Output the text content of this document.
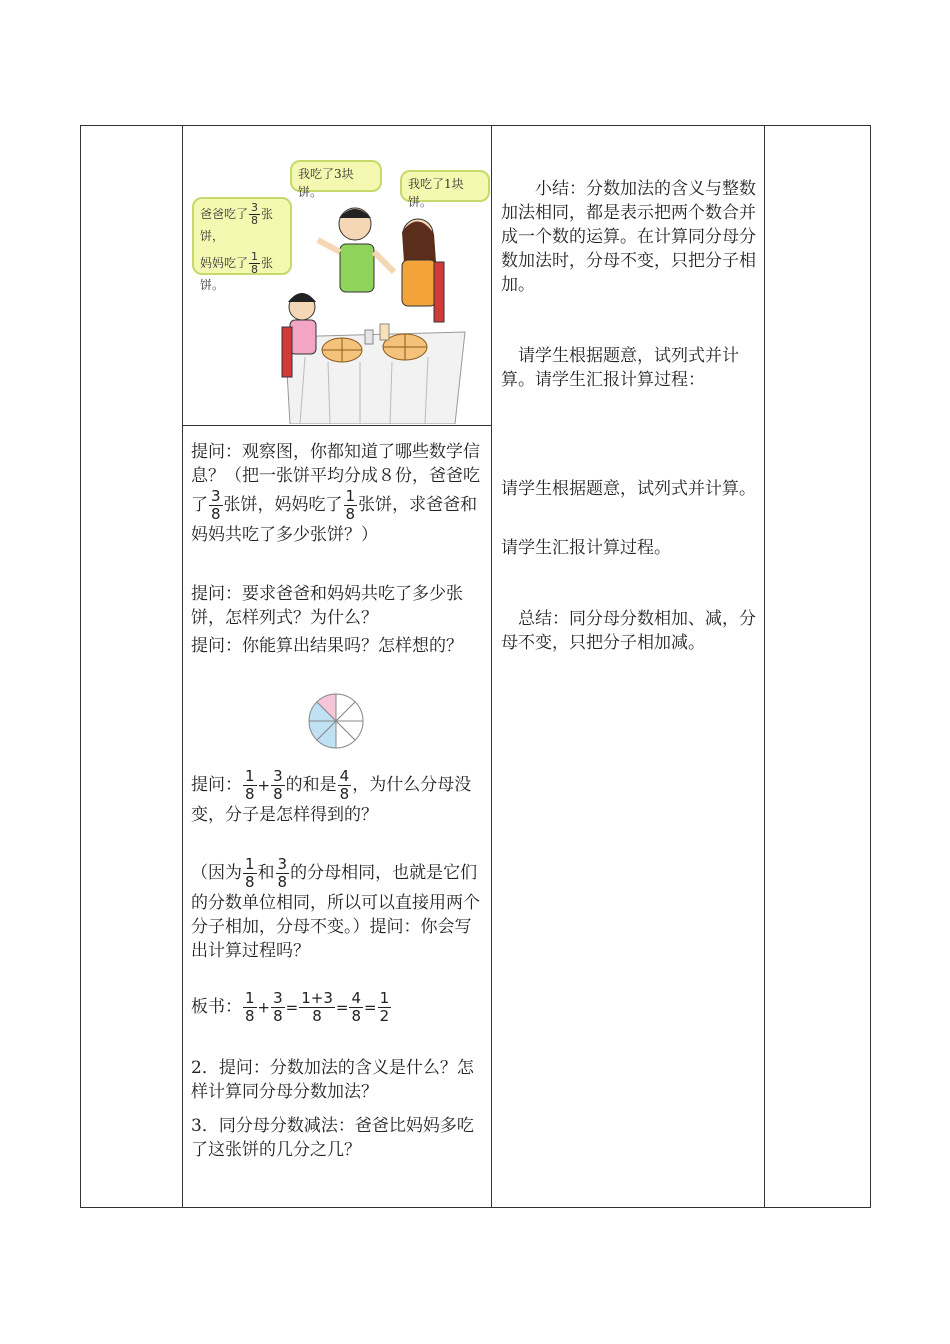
爸爸吃了 $\frac{3}{8}$ 张饼，
妈妈吃了 $\frac{1}{8}$ 张饼。
我吃了3块饼。
我吃了1块饼。
提问：观察图，你都知道了哪些数学信息？（把一张饼平均分成８份，爸爸吃了 $\frac{3}{8}$ 张饼，妈妈吃了 $\frac{1}{8}$ 张饼，求爸爸和妈妈共吃了多少张饼？）
提问：要求爸爸和妈妈共吃了多少张饼，怎样列式？为什么？
提问：你能算出结果吗？怎样想的？
提问： $\frac{1}{8} + \frac{3}{8}$ 的和是 $\frac{4}{8}$ ，为什么分母没变，分子是怎样得到的？
（因为 $\frac{1}{8}$ 和 $\frac{3}{8}$ 的分母相同，也就是它们的分数单位相同，所以可以直接用两个分子相加，分母不变。）提问：你会写出计算过程吗？
板书： $\frac{1}{8} + \frac{3}{8} = \frac{1+3}{8} = \frac{4}{8} = \frac{1}{2}$
2．提问：分数加法的含义是什么？怎样计算同分母分数加法？
3．同分母分数减法：爸爸比妈妈多吃了这张饼的几分之几？
小结：分数加法的含义与整数加法相同，都是表示把两个数合并成一个数的运算。在计算同分母分数加法时，分母不变，只把分子相加。
请学生根据题意，试列式并计算。请学生汇报计算过程：
请学生根据题意，试列式并计算。
请学生汇报计算过程。
总结：同分母分数相加、减，分母不变，只把分子相加减。
